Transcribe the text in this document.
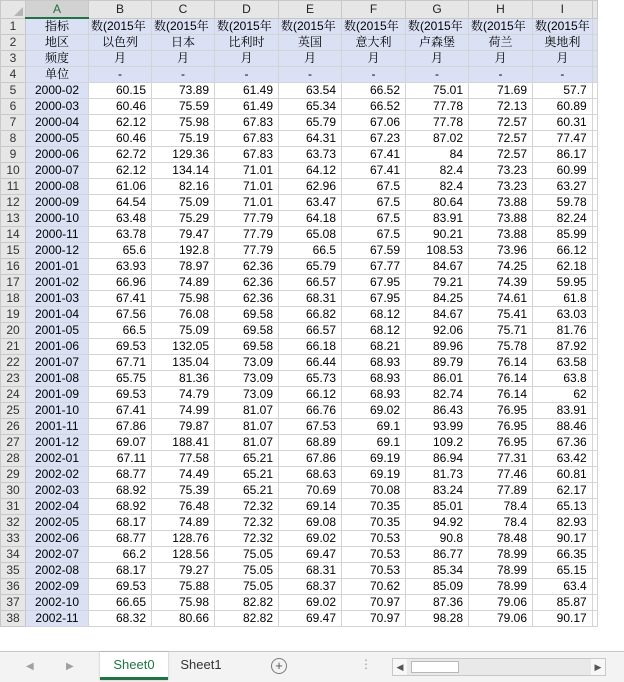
	A	B	C	D	E	F	G	H	I	
1	指标	数(2015年	数(2015年	数(2015年	数(2015年	数(2015年	数(2015年	数(2015年	数(2015年	
2	地区	以色列	日本	比利时	英国	意大利	卢森堡	荷兰	奥地利	
3	频度	月	月	月	月	月	月	月	月	
4	单位	-	-	-	-	-	-	-	-	
5	2000-02	60.15	73.89	61.49	63.54	66.52	75.01	71.69	57.7	
6	2000-03	60.46	75.59	61.49	65.34	66.52	77.78	72.13	60.89	
7	2000-04	62.12	75.98	67.83	65.79	67.06	77.78	72.57	60.31	
8	2000-05	60.46	75.19	67.83	64.31	67.23	87.02	72.57	77.47	
9	2000-06	62.72	129.36	67.83	63.73	67.41	84	72.57	86.17	
10	2000-07	62.12	134.14	71.01	64.12	67.41	82.4	73.23	60.99	
11	2000-08	61.06	82.16	71.01	62.96	67.5	82.4	73.23	63.27	
12	2000-09	64.54	75.09	71.01	63.47	67.5	80.64	73.88	59.78	
13	2000-10	63.48	75.29	77.79	64.18	67.5	83.91	73.88	82.24	
14	2000-11	63.78	79.47	77.79	65.08	67.5	90.21	73.88	85.99	
15	2000-12	65.6	192.8	77.79	66.5	67.59	108.53	73.96	66.12	
16	2001-01	63.93	78.97	62.36	65.79	67.77	84.67	74.25	62.18	
17	2001-02	66.96	74.89	62.36	66.57	67.95	79.21	74.39	59.95	
18	2001-03	67.41	75.98	62.36	68.31	67.95	84.25	74.61	61.8	
19	2001-04	67.56	76.08	69.58	66.82	68.12	84.67	75.41	63.03	
20	2001-05	66.5	75.09	69.58	66.57	68.12	92.06	75.71	81.76	
21	2001-06	69.53	132.05	69.58	66.18	68.21	89.96	75.78	87.92	
22	2001-07	67.71	135.04	73.09	66.44	68.93	89.79	76.14	63.58	
23	2001-08	65.75	81.36	73.09	65.73	68.93	86.01	76.14	63.8	
24	2001-09	69.53	74.79	73.09	66.12	68.93	82.74	76.14	62	
25	2001-10	67.41	74.99	81.07	66.76	69.02	86.43	76.95	83.91	
26	2001-11	67.86	79.87	81.07	67.53	69.1	93.99	76.95	88.46	
27	2001-12	69.07	188.41	81.07	68.89	69.1	109.2	76.95	67.36	
28	2002-01	67.11	77.58	65.21	67.86	69.19	86.94	77.31	63.42	
29	2002-02	68.77	74.49	65.21	68.63	69.19	81.73	77.46	60.81	
30	2002-03	68.92	75.39	65.21	70.69	70.08	83.24	77.89	62.17	
31	2002-04	68.92	76.48	72.32	69.14	70.35	85.01	78.4	65.13	
32	2002-05	68.17	74.89	72.32	69.08	70.35	94.92	78.4	82.93	
33	2002-06	68.77	128.76	72.32	69.02	70.53	90.8	78.48	90.17	
34	2002-07	66.2	128.56	75.05	69.47	70.53	86.77	78.99	66.35	
35	2002-08	68.17	79.27	75.05	68.31	70.53	85.34	78.99	65.15	
36	2002-09	69.53	75.88	75.05	68.37	70.62	85.09	78.99	63.4	
37	2002-10	66.65	75.98	82.82	69.02	70.97	87.36	79.06	85.87	
38	2002-11	68.32	80.66	82.82	69.47	70.97	98.28	79.06	90.17	
◀	▶	Sheet0	Sheet1	+	⋮	◀	▶
